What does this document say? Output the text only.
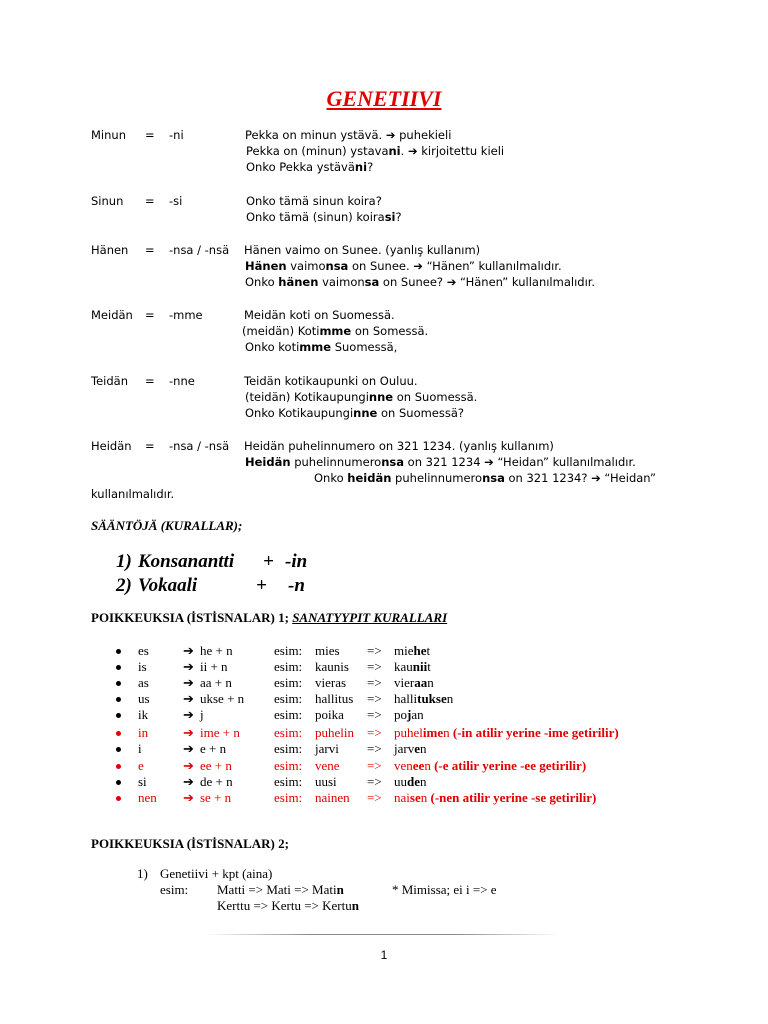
GENETIIVI
Minun = -ni	Pekka on minun ystävä. ➔ puhekieli
Pekka on (minun) ystavani. ➔ kirjoitettu kieli
Onko Pekka ystäväni?
Sinun = -si	Onko tämä sinun koira?
Onko tämä (sinun) koirasi?
Hänen = -nsa / -nsä Hänen vaimo on Sunee. (yanlış kullanım)
Hänen vaimonsa on Sunee. ➔ “Hänen” kullanılmalıdır.
Onko hänen vaimonsa on Sunee? ➔ “Hänen” kullanılmalıdır.
Meidän = -mme	Meidän koti on Suomessä.
(meidän) Kotimme on Somessä.
Onko kotimme Suomessä,
Teidän = -nne	Teidän kotikaupunki on Ouluu.
(teidän) Kotikaupunginne on Suomessä.
Onko Kotikaupunginne on Suomessä?
Heidän = -nsa / -nsä Heidän puhelinnumero on 321 1234. (yanlış kullanım)
Heidän puhelinnumeronsa on 321 1234 ➔ “Heidan” kullanılmalıdır.
Onko heidän puhelinnumeronsa on 321 1234? ➔ “Heidan”
kullanılmalıdır.
SÄÄNTÖJÄ (KURALLAR);
1) Konsanantti + -in
2) Vokaali	+ -n
POIKKEUKSIA (İSTİSNALAR) 1; SANATYYPIT KURALLARI
es	➔ he + n	esim: mies => miehet
is	➔ ii + n	esim: kaunis => kauniit
as	➔ aa + n	esim: vieras => vieraan
us	➔ ukse + n esim: hallitus => hallituksen
ik	➔ j	esim: poika => pojan
in	➔ ime + n	esim: puhelin => puhelimen (-in atilir yerine -ime getirilir)
i	➔ e + n	esim: jarvi => jarven
e	➔ ee + n	esim: vene => veneen (-e atilir yerine -ee getirilir)
si	➔ de + n	esim: uusi => uuden
nen ➔ se + n	esim: nainen => naisen (-nen atilir yerine -se getirilir)
POIKKEUKSIA (İSTİSNALAR) 2;
1) Genetiivi + kpt (aina)
esim: Matti => Mati => Matin	* Mimissa; ei i => e
Kerttu => Kertu => Kertun
1
